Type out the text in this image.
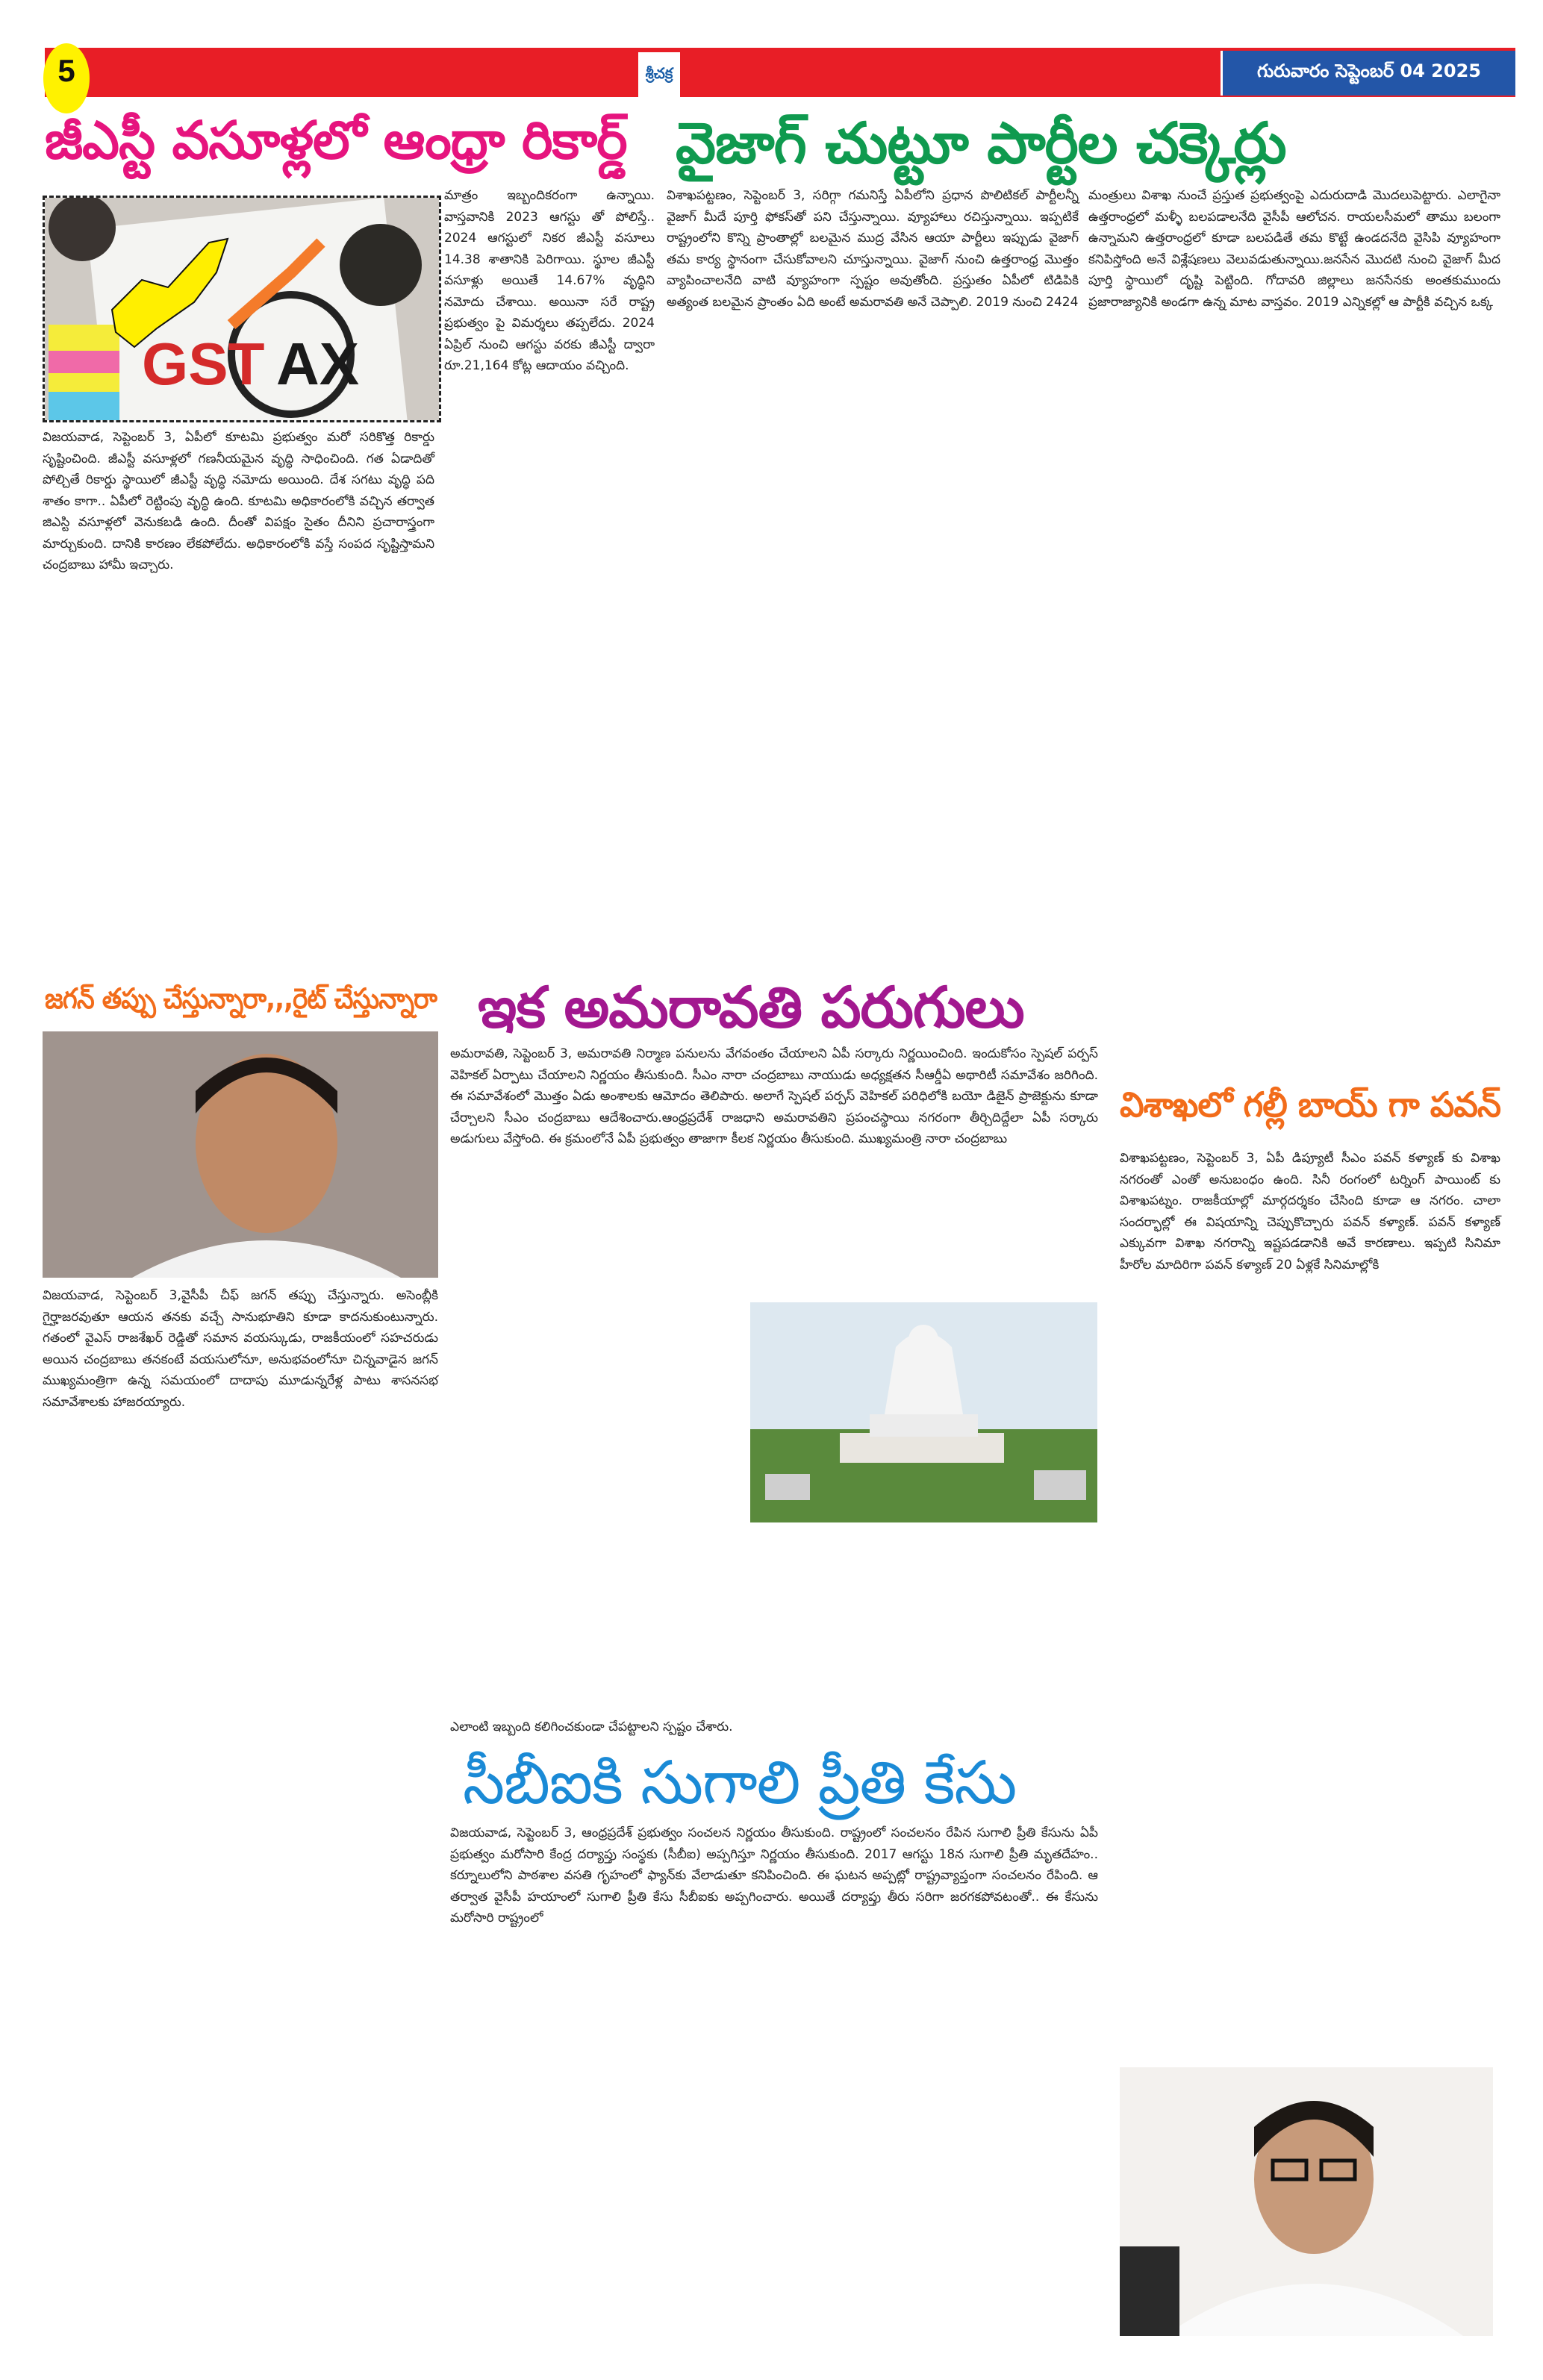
5	శ్రీచక్ర	గురువారం సెప్టెంబర్ 04 2025
జీఎస్టీ వసూళ్లలో ఆంధ్రా రికార్డ్ వైజాగ్ చుట్టూ పార్టీల చక్కెర్లు
GST AX

విజయవాడ, సెప్టెంబర్ 3, ఏపీలో కూటమి ప్రభుత్వం మరో సరికొత్త రికార్డు సృష్టించింది. జీఎస్టీ వసూళ్లలో గణనీయమైన వృద్ధి సాధించింది. గత ఏడాదితో పోల్చితే రికార్డు స్థాయిలో జీఎస్టీ వృద్ధి నమోదు అయింది. దేశ సగటు వృద్ధి పది శాతం కాగా.. ఏపీలో రెట్టింపు వృద్ధి ఉంది. కూటమి అధికారంలోకి వచ్చిన తర్వాత జిఎస్టి వసూళ్లలో వెనుకబడి ఉంది. దీంతో విపక్షం సైతం దీనిని ప్రచారాస్త్రంగా మార్చుకుంది. దానికి కారణం లేకపోలేదు. అధికారంలోకి వస్తే సంపద సృష్టిస్తామని చంద్రబాబు హామీ ఇచ్చారు.

మాత్రం ఇబ్బందికరంగా ఉన్నాయి. వాస్తవానికి 2023 ఆగస్టు తో పోలిస్తే.. 2024 ఆగస్టులో నికర జీఎస్టీ వసూలు 14.38 శాతానికి పెరిగాయి. స్థూల జీఎస్టీ వసూళ్లు అయితే 14.67% వృద్ధిని నమోదు చేశాయి. అయినా సరే రాష్ట్ర ప్రభుత్వం పై విమర్శలు తప్పలేదు. 2024 ఏప్రిల్ నుంచి ఆగస్టు వరకు జీఎస్టీ ద్వారా రూ.21,164 కోట్ల ఆదాయం వచ్చింది.

విశాఖపట్టణం, సెప్టెంబర్ 3, సరిగ్గా గమనిస్తే ఏపీలోని ప్రధాన పొలిటికల్ పార్టీలన్నీ వైజాగ్ మీదే పూర్తి ఫోకస్‌తో పని చేస్తున్నాయి. వ్యూహాలు రచిస్తున్నాయి. ఇప్పటికే రాష్ట్రంలోని కొన్ని ప్రాంతాల్లో బలమైన ముద్ర వేసిన ఆయా పార్టీలు ఇప్పుడు వైజాగ్ తమ కార్య స్థానంగా చేసుకోవాలని చూస్తున్నాయి. వైజాగ్ నుంచి ఉత్తరాంధ్ర మొత్తం వ్యాపించాలనేది వాటి వ్యూహంగా స్పష్టం అవుతోంది. ప్రస్తుతం ఏపీలో టిడిపికి అత్యంత బలమైన ప్రాంతం ఏది అంటే అమరావతి అనే చెప్పాలి. 2019 నుంచి 2424

మంత్రులు విశాఖ నుంచే ప్రస్తుత ప్రభుత్వంపై ఎదురుదాడి మొదలుపెట్టారు. ఎలాగైనా ఉత్తరాంధ్రలో మళ్ళీ బలపడాలనేది వైసీపీ ఆలోచన. రాయలసీమలో తాము బలంగా ఉన్నామని ఉత్తరాంధ్రలో కూడా బలపడితే తమ కొట్టే ఉండదనేది వైసిపి వ్యూహంగా కనిపిస్తోంది అనే విశ్లేషణలు వెలువడుతున్నాయి.జనసేన మొదటి నుంచి వైజాగ్ మీద పూర్తి స్థాయిలో దృష్టి పెట్టింది. గోదావరి జిల్లాలు జనసేనకు అంతకుముందు ప్రజారాజ్యానికి అండగా ఉన్న మాట వాస్తవం. 2019 ఎన్నికల్లో ఆ పార్టీకి వచ్చిన ఒక్క

జగన్ తప్పు చేస్తున్నారా,,,రైట్ చేస్తున్నారా

విజయవాడ, సెప్టెంబర్ 3,వైసీపీ చీఫ్ జగన్ తప్పు చేస్తున్నారు. అసెంబ్లీకి గైర్హాజరవుతూ ఆయన తనకు వచ్చే సానుభూతిని కూడా కాదనుకుంటున్నారు. గతంలో వైఎస్ రాజశేఖర్ రెడ్డితో సమాన వయస్కుడు, రాజకీయంలో సహచరుడు అయిన చంద్రబాబు తనకంటే వయసులోనూ, అనుభవంలోనూ చిన్నవాడైన జగన్ ముఖ్యమంత్రిగా ఉన్న సమయంలో దాదాపు మూడున్నరేళ్ల పాటు శాసనసభ సమావేశాలకు హాజరయ్యారు.

ఇక అమరావతి పరుగులు

అమరావతి, సెప్టెంబర్ 3, అమరావతి నిర్మాణ పనులను వేగవంతం చేయాలని ఏపీ సర్కారు నిర్ణయించింది. ఇందుకోసం స్పెషల్ పర్పస్ వెహికల్ ఏర్పాటు చేయాలని నిర్ణయం తీసుకుంది. సీఎం నారా చంద్రబాబు నాయుడు అధ్యక్షతన సీఆర్డీఏ అథారిటీ సమావేశం జరిగింది. ఈ సమావేశంలో మొత్తం ఏడు అంశాలకు ఆమోదం తెలిపారు. అలాగే స్పెషల్ పర్పస్ వెహికల్ పరిధిలోకి బయో డిజైన్ ప్రాజెక్టును కూడా చేర్చాలని సీఎం చంద్రబాబు ఆదేశించారు.ఆంధ్రప్రదేశ్ రాజధాని అమరావతిని ప్రపంచస్థాయి నగరంగా తీర్చిదిద్దేలా ఏపీ సర్కారు అడుగులు వేస్తోంది. ఈ క్రమంలోనే ఏపీ ప్రభుత్వం తాజాగా కీలక నిర్ణయం తీసుకుంది. ముఖ్యమంత్రి నారా చంద్రబాబు

ఎలాంటి ఇబ్బంది కలిగించకుండా చేపట్టాలని స్పష్టం చేశారు.
సీబీఐకి సుగాలి ప్రీతి కేసు

విజయవాడ, సెప్టెంబర్ 3, ఆంధ్రప్రదేశ్ ప్రభుత్వం సంచలన నిర్ణయం తీసుకుంది. రాష్ట్రంలో సంచలనం రేపిన సుగాలి ప్రీతి కేసును ఏపీ ప్రభుత్వం మరోసారి కేంద్ర దర్యాప్తు సంస్థకు (సీబీఐ) అప్పగిస్తూ నిర్ణయం తీసుకుంది. 2017 ఆగస్టు 18న సుగాలి ప్రీతి మృతదేహం.. కర్నూలులోని పాఠశాల వసతి గృహంలో ఫ్యాన్‌కు వేలాడుతూ కనిపించింది. ఈ ఘటన అప్పట్లో రాష్ట్రవ్యాప్తంగా సంచలనం రేపింది. ఆ తర్వాత వైసీపీ హయాంలో సుగాలి ప్రీతి కేసు సీబీఐకు అప్పగించారు. అయితే దర్యాప్తు తీరు సరిగా జరగకపోవటంతో.. ఈ కేసును మరోసారి రాష్ట్రంలో

విశాఖలో గల్లీ బాయ్ గా పవన్

విశాఖపట్టణం, సెప్టెంబర్ 3, ఏపీ డిప్యూటీ సీఎం పవన్ కళ్యాణ్ కు విశాఖ నగరంతో ఎంతో అనుబంధం ఉంది. సినీ రంగంలో టర్నింగ్ పాయింట్ కు విశాఖపట్నం. రాజకీయాల్లో మార్గదర్శకం చేసింది కూడా ఆ నగరం. చాలా సందర్భాల్లో ఈ విషయాన్ని చెప్పుకొచ్చారు పవన్ కళ్యాణ్. పవన్ కళ్యాణ్ ఎక్కువగా విశాఖ నగరాన్ని ఇష్టపడడానికి అవే కారణాలు. ఇప్పటి సినిమా హీరోల మాదిరిగా పవన్ కళ్యాణ్ 20 ఏళ్లకే సినిమాల్లోకి
